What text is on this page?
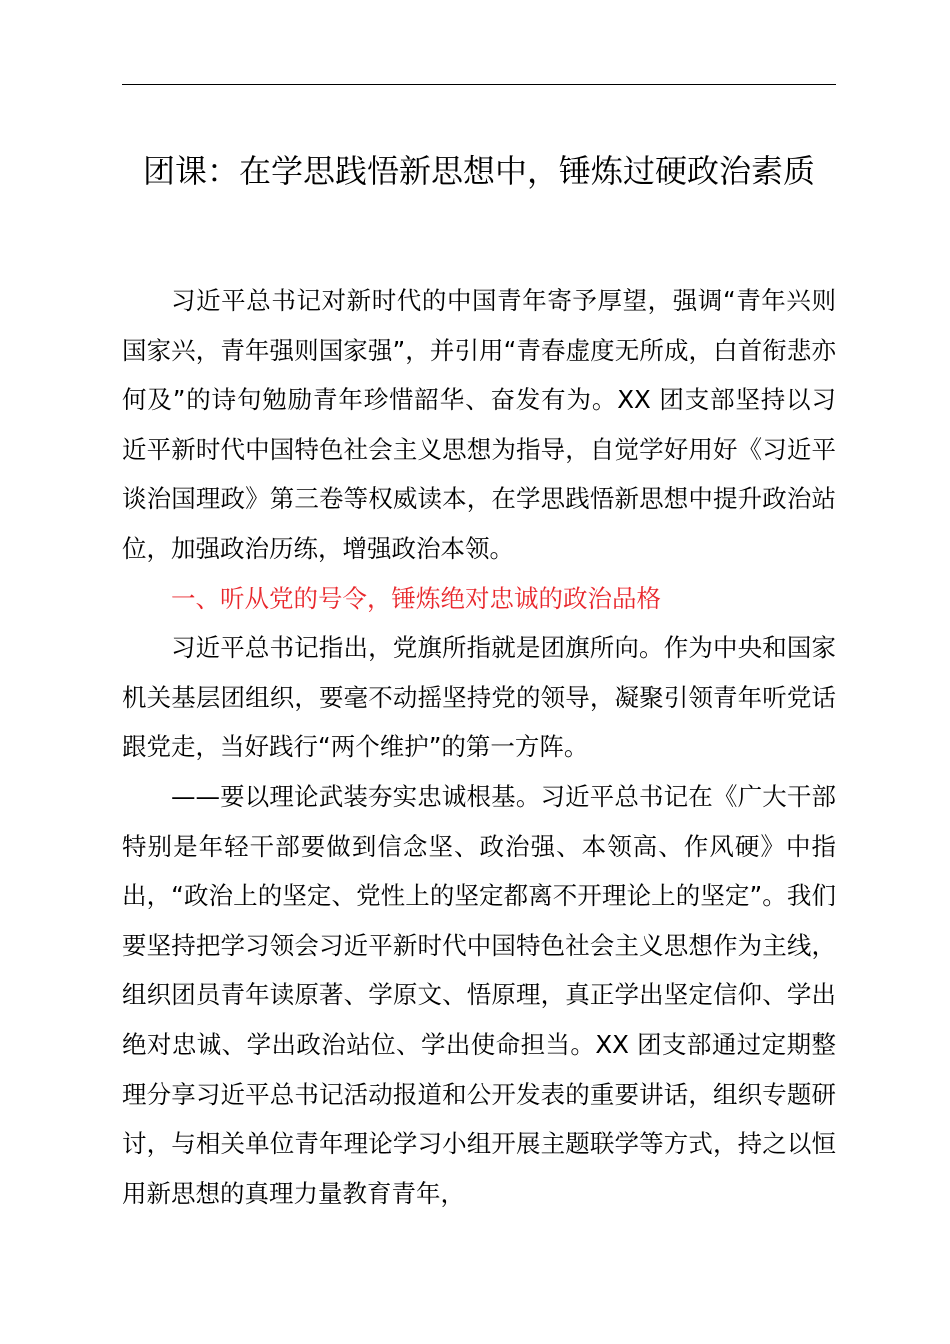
团课：在学思践悟新思想中，锤炼过硬政治素质

习近平总书记对新时代的中国青年寄予厚望，强调“青年兴则国家兴，青年强则国家强”，并引用“青春虚度无所成，白首衔悲亦何及”的诗句勉励青年珍惜韶华、奋发有为。XX 团支部坚持以习近平新时代中国特色社会主义思想为指导，自觉学好用好《习近平谈治国理政》第三卷等权威读本，在学思践悟新思想中提升政治站位，加强政治历练，增强政治本领。

一、听从党的号令，锤炼绝对忠诚的政治品格

习近平总书记指出，党旗所指就是团旗所向。作为中央和国家机关基层团组织，要毫不动摇坚持党的领导，凝聚引领青年听党话跟党走，当好践行“两个维护”的第一方阵。

——要以理论武装夯实忠诚根基。习近平总书记在《广大干部特别是年轻干部要做到信念坚、政治强、本领高、作风硬》中指出，“政治上的坚定、党性上的坚定都离不开理论上的坚定”。我们要坚持把学习领会习近平新时代中国特色社会主义思想作为主线，组织团员青年读原著、学原文、悟原理，真正学出坚定信仰、学出绝对忠诚、学出政治站位、学出使命担当。XX 团支部通过定期整理分享习近平总书记活动报道和公开发表的重要讲话，组织专题研讨，与相关单位青年理论学习小组开展主题联学等方式，持之以恒用新思想的真理力量教育青年，
